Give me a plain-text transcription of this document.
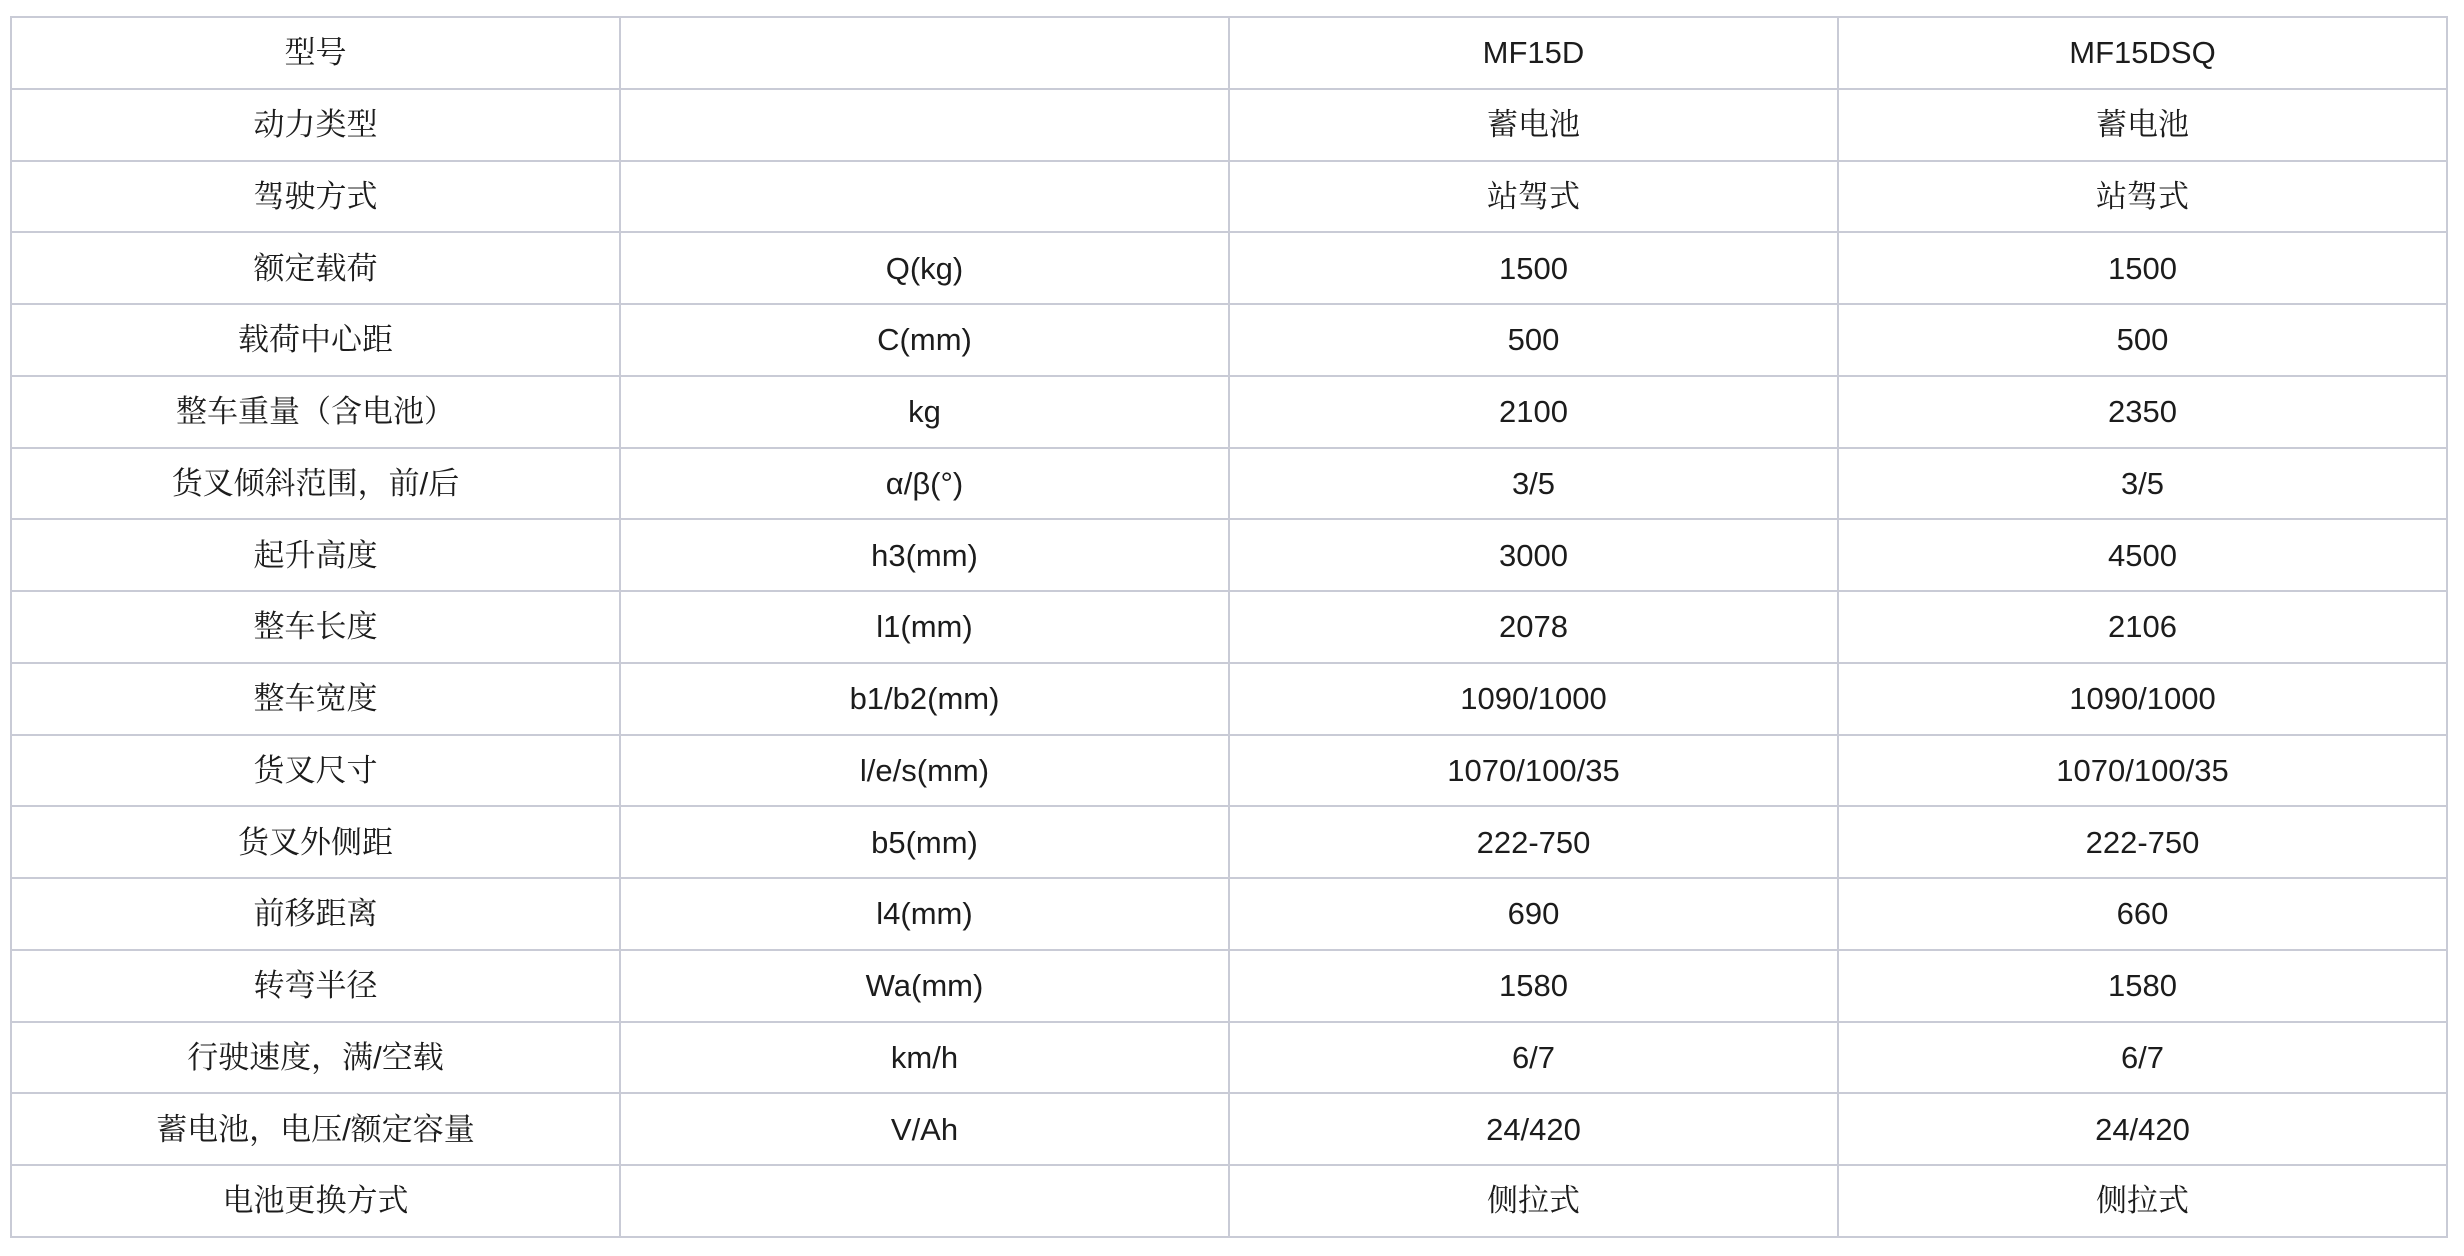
型号		MF15D	MF15DSQ
动力类型		蓄电池	蓄电池
驾驶方式		站驾式	站驾式
额定载荷	Q(kg)	1500	1500
载荷中心距	C(mm)	500	500
整车重量（含电池）	kg	2100	2350
货叉倾斜范围，前/后	α/β(°)	3/5	3/5
起升高度	h3(mm)	3000	4500
整车长度	l1(mm)	2078	2106
整车宽度	b1/b2(mm)	1090/1000	1090/1000
货叉尺寸	l/e/s(mm)	1070/100/35	1070/100/35
货叉外侧距	b5(mm)	222-750	222-750
前移距离	l4(mm)	690	660
转弯半径	Wa(mm)	1580	1580
行驶速度，满/空载	km/h	6/7	6/7
蓄电池，电压/额定容量	V/Ah	24/420	24/420
电池更换方式		侧拉式	侧拉式
